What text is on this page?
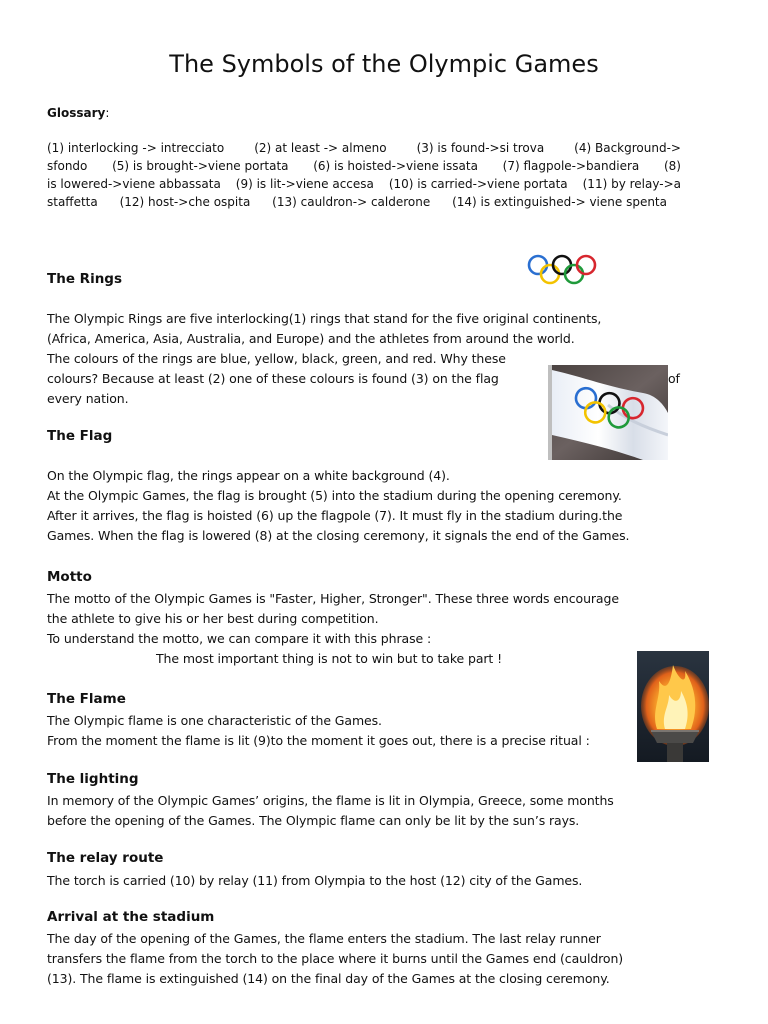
The Symbols of the Olympic Games
Glossary:
(1) interlocking -> intrecciato (2) at least -> almeno (3) is found->si trova (4) Background->
sfondo (5) is brought->viene portata (6) is hoisted->viene issata (7) flagpole->bandiera (8)
is lowered->viene abbassata (9) is lit->viene accesa (10) is carried->viene portata (11) by relay->a
staffetta (12) host->che ospita (13) cauldron-> calderone (14) is extinguished-> viene spenta
The Rings
The Olympic Rings are five interlocking(1) rings that stand for the five original continents,
(Africa, America, Asia, Australia, and Europe) and the athletes from around the world.
The colours of the rings are blue, yellow, black, green, and red. Why these
colours? Because at least (2) one of these colours is found (3) on the flag	of
every nation.
The Flag
On the Olympic flag, the rings appear on a white background (4).
At the Olympic Games, the flag is brought (5) into the stadium during the opening ceremony.
After it arrives, the flag is hoisted (6) up the flagpole (7). It must fly in the stadium during.the
Games. When the flag is lowered (8) at the closing ceremony, it signals the end of the Games.
Motto
The motto of the Olympic Games is "Faster, Higher, Stronger". These three words encourage
the athlete to give his or her best during competition.
To understand the motto, we can compare it with this phrase :
The most important thing is not to win but to take part !
The Flame
The Olympic flame is one characteristic of the Games.
From the moment the flame is lit (9)to the moment it goes out, there is a precise ritual :
The lighting
In memory of the Olympic Games’ origins, the flame is lit in Olympia, Greece, some months
before the opening of the Games. The Olympic flame can only be lit by the sun’s rays.
The relay route
The torch is carried (10) by relay (11) from Olympia to the host (12) city of the Games.
Arrival at the stadium
The day of the opening of the Games, the flame enters the stadium. The last relay runner
transfers the flame from the torch to the place where it burns until the Games end (cauldron)
(13). The flame is extinguished (14) on the final day of the Games at the closing ceremony.
